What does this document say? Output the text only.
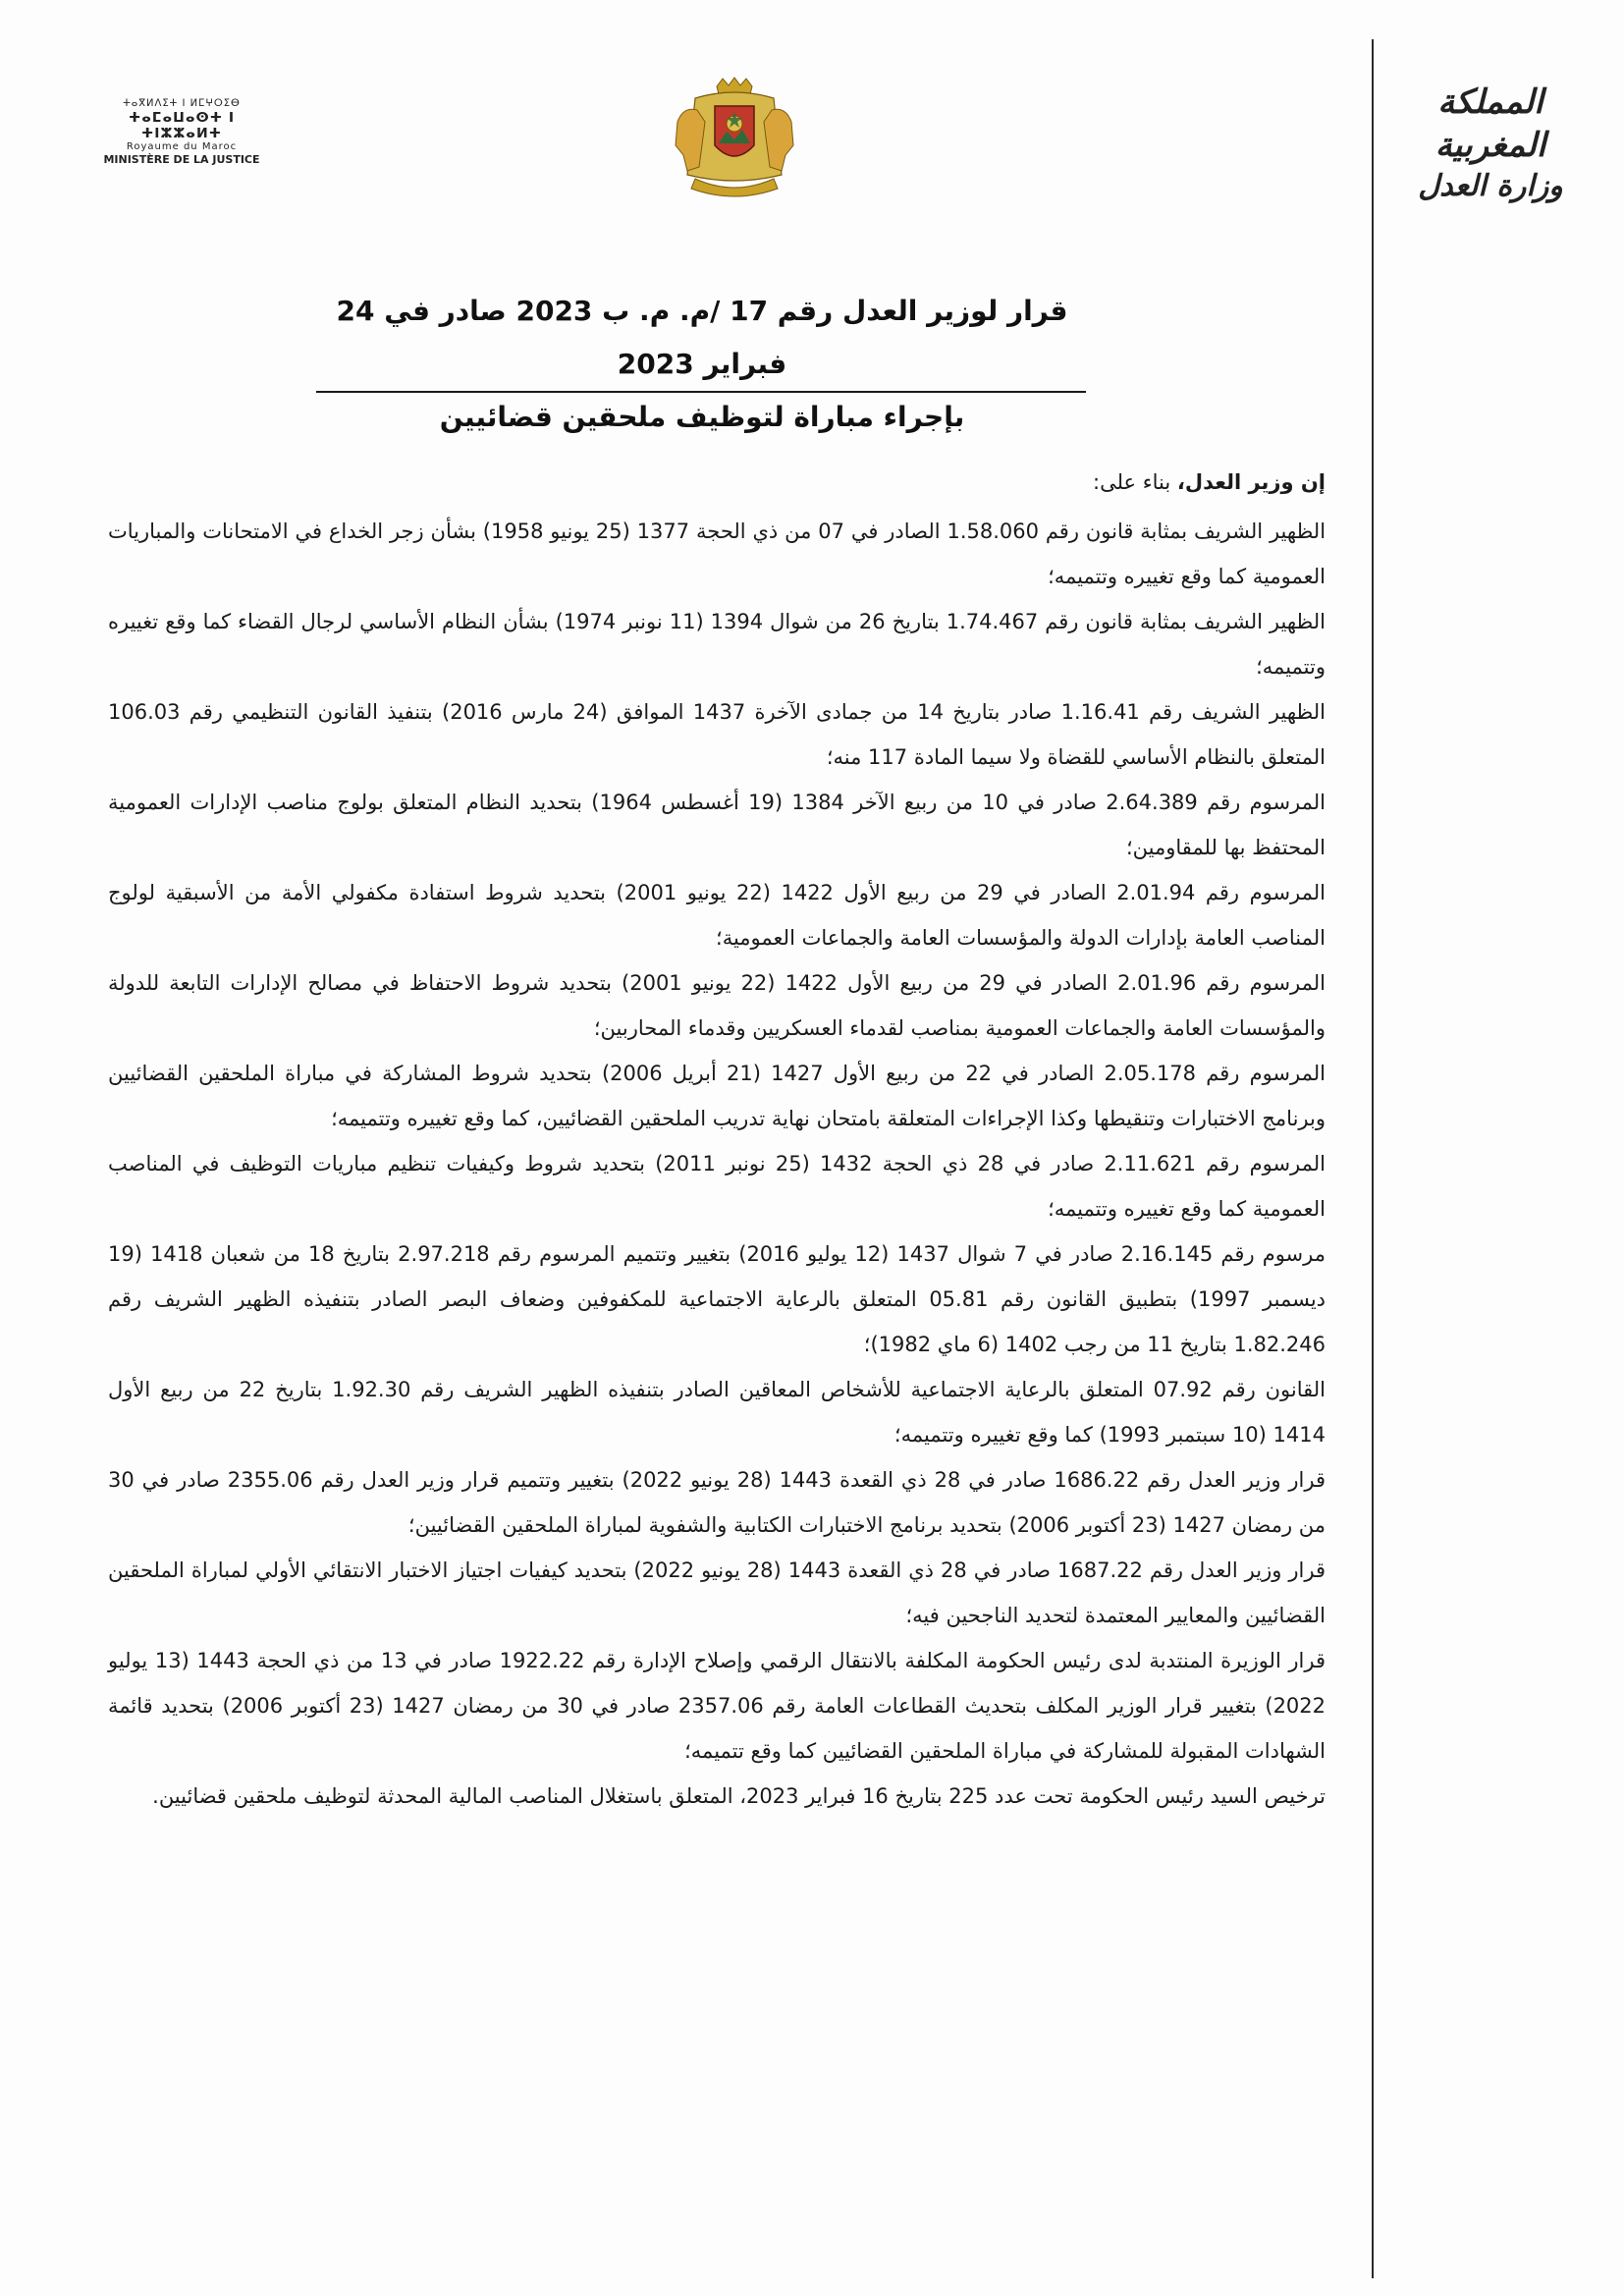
المملكة المغربية
وزارة العدل
ⵜⴰⴳⵍⴷⵉⵜ ⵏ ⵍⵎⵖⵔⵉⴱ
ⵜⴰⵎⴰⵡⴰⵙⵜ ⵏ ⵜⵏⵣⵣⴰⵍⵜ
Royaume du Maroc
MINISTÈRE DE LA JUSTICE
قرار لوزير العدل رقم 17 /م. م. ب 2023 صادر في 24 فبراير 2023
بإجراء مباراة لتوظيف ملحقين قضائيين

إن وزير العدل، بناء على:

الظهير الشريف بمثابة قانون رقم 1.58.060 الصادر في 07 من ذي الحجة 1377 (25 يونيو 1958) بشأن زجر الخداع في الامتحانات والمباريات العمومية كما وقع تغييره وتتميمه؛

الظهير الشريف بمثابة قانون رقم 1.74.467 بتاريخ 26 من شوال 1394 (11 نونبر 1974) بشأن النظام الأساسي لرجال القضاء كما وقع تغييره وتتميمه؛

الظهير الشريف رقم 1.16.41 صادر بتاريخ 14 من جمادى الآخرة 1437 الموافق (24 مارس 2016) بتنفيذ القانون التنظيمي رقم 106.03 المتعلق بالنظام الأساسي للقضاة ولا سيما المادة 117 منه؛

المرسوم رقم 2.64.389 صادر في 10 من ربيع الآخر 1384 (19 أغسطس 1964) بتحديد النظام المتعلق بولوج مناصب الإدارات العمومية المحتفظ بها للمقاومين؛

المرسوم رقم 2.01.94 الصادر في 29 من ربيع الأول 1422 (22 يونيو 2001) بتحديد شروط استفادة مكفولي الأمة من الأسبقية لولوج المناصب العامة بإدارات الدولة والمؤسسات العامة والجماعات العمومية؛

المرسوم رقم 2.01.96 الصادر في 29 من ربيع الأول 1422 (22 يونيو 2001) بتحديد شروط الاحتفاظ في مصالح الإدارات التابعة للدولة والمؤسسات العامة والجماعات العمومية بمناصب لقدماء العسكريين وقدماء المحاربين؛

المرسوم رقم 2.05.178 الصادر في 22 من ربيع الأول 1427 (21 أبريل 2006) بتحديد شروط المشاركة في مباراة الملحقين القضائيين وبرنامج الاختبارات وتنقيطها وكذا الإجراءات المتعلقة بامتحان نهاية تدريب الملحقين القضائيين، كما وقع تغييره وتتميمه؛

المرسوم رقم 2.11.621 صادر في 28 ذي الحجة 1432 (25 نونبر 2011) بتحديد شروط وكيفيات تنظيم مباريات التوظيف في المناصب العمومية كما وقع تغييره وتتميمه؛

مرسوم رقم 2.16.145 صادر في 7 شوال 1437 (12 يوليو 2016) بتغيير وتتميم المرسوم رقم 2.97.218 بتاريخ 18 من شعبان 1418 (19 ديسمبر 1997) بتطبيق القانون رقم 05.81 المتعلق بالرعاية الاجتماعية للمكفوفين وضعاف البصر الصادر بتنفيذه الظهير الشريف رقم 1.82.246 بتاريخ 11 من رجب 1402 (6 ماي 1982)؛

القانون رقم 07.92 المتعلق بالرعاية الاجتماعية للأشخاص المعاقين الصادر بتنفيذه الظهير الشريف رقم 1.92.30 بتاريخ 22 من ربيع الأول 1414 (10 سبتمبر 1993) كما وقع تغييره وتتميمه؛

قرار وزير العدل رقم 1686.22 صادر في 28 ذي القعدة 1443 (28 يونيو 2022) بتغيير وتتميم قرار وزير العدل رقم 2355.06 صادر في 30 من رمضان 1427 (23 أكتوبر 2006) بتحديد برنامج الاختبارات الكتابية والشفوية لمباراة الملحقين القضائيين؛

قرار وزير العدل رقم 1687.22 صادر في 28 ذي القعدة 1443 (28 يونيو 2022) بتحديد كيفيات اجتياز الاختبار الانتقائي الأولي لمباراة الملحقين القضائيين والمعايير المعتمدة لتحديد الناجحين فيه؛

قرار الوزيرة المنتدبة لدى رئيس الحكومة المكلفة بالانتقال الرقمي وإصلاح الإدارة رقم 1922.22 صادر في 13 من ذي الحجة 1443 (13 يوليو 2022) بتغيير قرار الوزير المكلف بتحديث القطاعات العامة رقم 2357.06 صادر في 30 من رمضان 1427 (23 أكتوبر 2006) بتحديد قائمة الشهادات المقبولة للمشاركة في مباراة الملحقين القضائيين كما وقع تتميمه؛

ترخيص السيد رئيس الحكومة تحت عدد 225 بتاريخ 16 فبراير 2023، المتعلق باستغلال المناصب المالية المحدثة لتوظيف ملحقين قضائيين.
